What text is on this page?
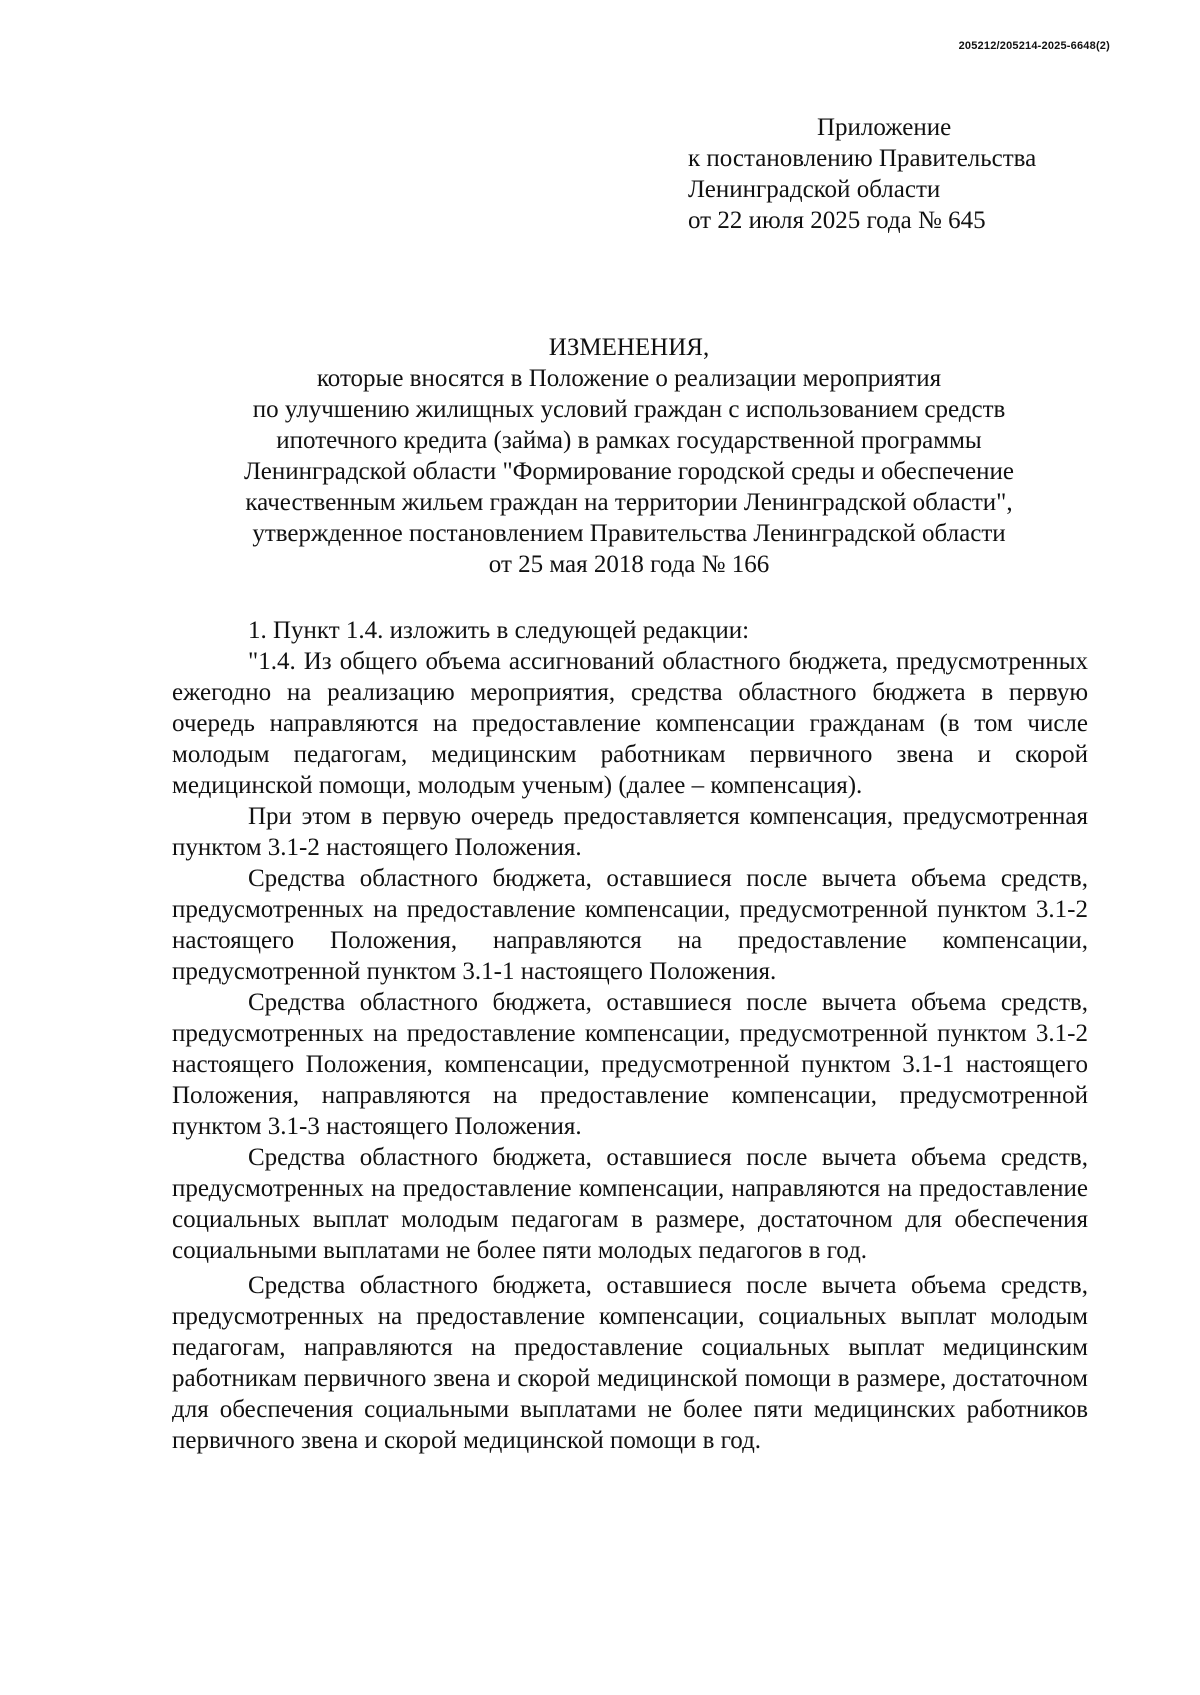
205212/205214-2025-6648(2)
Приложение
к постановлению Правительства
Ленинградской области
от 22 июля 2025 года № 645
ИЗМЕНЕНИЯ,
которые вносятся в Положение о реализации мероприятия
по улучшению жилищных условий граждан с использованием средств
ипотечного кредита (займа) в рамках государственной программы
Ленинградской области "Формирование городской среды и обеспечение
качественным жильем граждан на территории Ленинградской области",
утвержденное постановлением Правительства Ленинградской области
от 25 мая 2018 года № 166

1. Пункт 1.4. изложить в следующей редакции:

"1.4. Из общего объема ассигнований областного бюджета, предусмотренных ежегодно на реализацию мероприятия, средства областного бюджета в первую очередь направляются на предоставление компенсации гражданам (в том числе молодым педагогам, медицинским работникам первичного звена и скорой медицинской помощи, молодым ученым) (далее – компенсация).

При этом в первую очередь предоставляется компенсация, предусмотренная пунктом 3.1-2 настоящего Положения.

Средства областного бюджета, оставшиеся после вычета объема средств, предусмотренных на предоставление компенсации, предусмотренной пунктом 3.1-2 настоящего Положения, направляются на предоставление компенсации, предусмотренной пунктом 3.1-1 настоящего Положения.

Средства областного бюджета, оставшиеся после вычета объема средств, предусмотренных на предоставление компенсации, предусмотренной пунктом 3.1-2 настоящего Положения, компенсации, предусмотренной пунктом 3.1-1 настоящего Положения, направляются на предоставление компенсации, предусмотренной пунктом 3.1-3 настоящего Положения.

Средства областного бюджета, оставшиеся после вычета объема средств, предусмотренных на предоставление компенсации, направляются на предоставление социальных выплат молодым педагогам в размере, достаточном для обеспечения социальными выплатами не более пяти молодых педагогов в год.

Средства областного бюджета, оставшиеся после вычета объема средств, предусмотренных на предоставление компенсации, социальных выплат молодым педагогам, направляются на предоставление социальных выплат медицинским работникам первичного звена и скорой медицинской помощи в размере, достаточном для обеспечения социальными выплатами не более пяти медицинских работников первичного звена и скорой медицинской помощи в год.
